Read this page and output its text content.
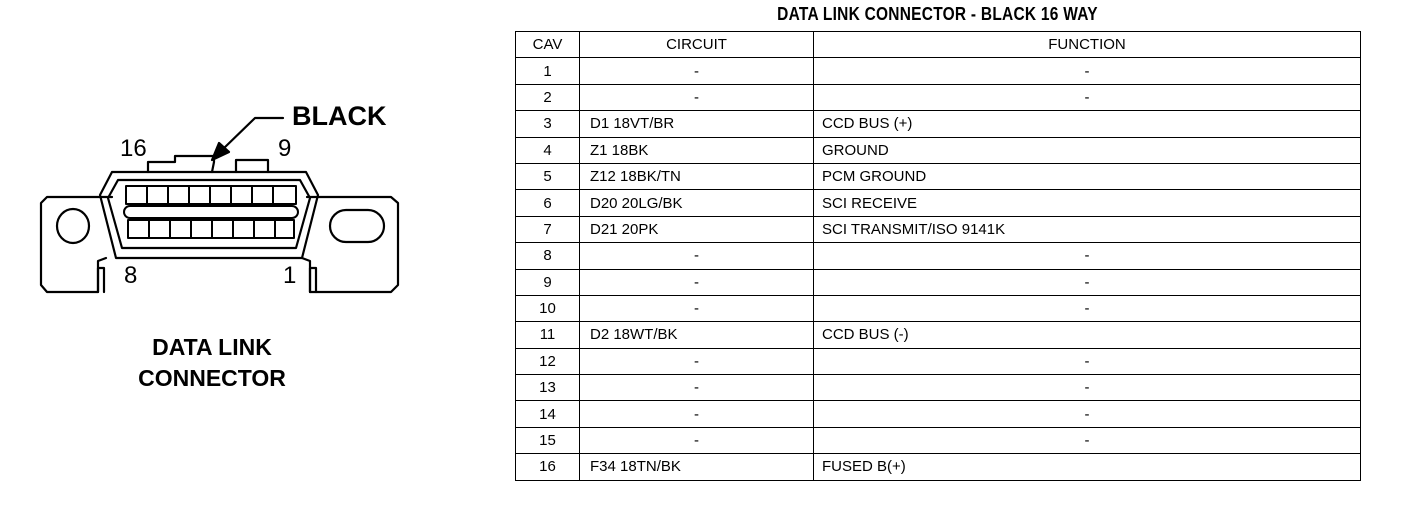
BLACK
16	9
8	1
DATA LINK
CONNECTOR
DATA LINK CONNECTOR - BLACK 16 WAY
CAV	CIRCUIT	FUNCTION
1	-	-
2	-	-
3	D1 18VT/BR	CCD BUS (+)
4	Z1 18BK	GROUND
5	Z12 18BK/TN	PCM GROUND
6	D20 20LG/BK	SCI RECEIVE
7	D21 20PK	SCI TRANSMIT/ISO 9141K
8	-	-
9	-	-
10	-	-
11	D2 18WT/BK	CCD BUS (-)
12	-	-
13	-	-
14	-	-
15	-	-
16	F34 18TN/BK	FUSED B(+)
